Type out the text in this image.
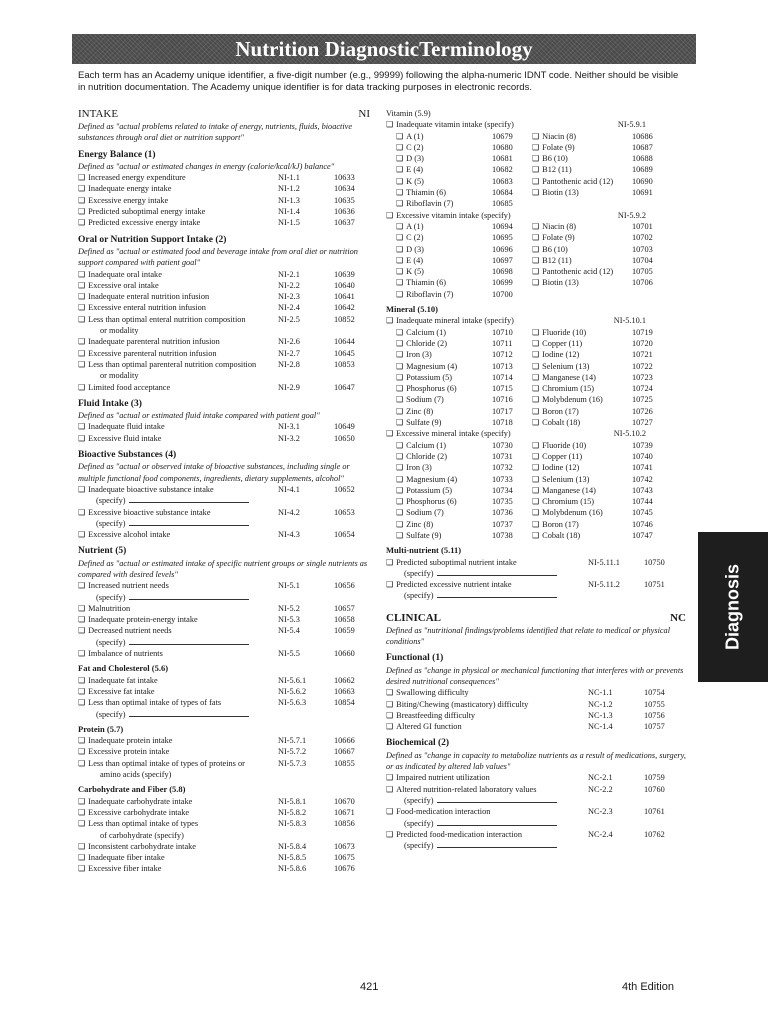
Nutrition DiagnosticTerminology
Each term has an Academy unique identifier, a five-digit number (e.g., 99999) following the alpha-numeric IDNT code. Neither should be visible in nutrition documentation. The Academy unique identifier is for data tracking purposes in electronic records.
INTAKE	NI
Defined as "actual problems related to intake of energy, nutrients, fluids, bioactive substances through oral diet or nutrition support"
Energy Balance (1)
Defined as "actual or estimated changes in energy (calorie/kcal/kJ) balance"
❑ Increased energy expenditure	NI-1.1	10633
❑ Inadequate energy intake	NI-1.2	10634
❑ Excessive energy intake	NI-1.3	10635
❑ Predicted suboptimal energy intake	NI-1.4	10636
❑ Predicted excessive energy intake	NI-1.5	10637
Oral or Nutrition Support Intake (2)
Defined as "actual or estimated food and beverage intake from oral diet or nutrition support compared with patient goal"
❑ Inadequate oral intake	NI-2.1	10639
❑ Excessive oral intake	NI-2.2	10640
❑ Inadequate enteral nutrition infusion	NI-2.3	10641
❑ Excessive enteral nutrition infusion	NI-2.4	10642
❑ Less than optimal enteral nutrition composition	NI-2.5	10852
or modality
❑ Inadequate parenteral nutrition infusion	NI-2.6	10644
❑ Excessive parenteral nutrition infusion	NI-2.7	10645
❑ Less than optimal parenteral nutrition composition	NI-2.8	10853
or modality
❑ Limited food acceptance	NI-2.9	10647
Fluid Intake (3)
Defined as "actual or estimated fluid intake compared with patient goal"
❑ Inadequate fluid intake	NI-3.1	10649
❑ Excessive fluid intake	NI-3.2	10650
Bioactive Substances (4)
Defined as "actual or observed intake of bioactive substances, including single or multiple functional food components, ingredients, dietary supplements, alcohol"
❑ Inadequate bioactive substance intake	NI-4.1	10652
(specify)
❑ Excessive bioactive substance intake	NI-4.2	10653
(specify)
❑ Excessive alcohol intake	NI-4.3	10654
Nutrient (5)
Defined as "actual or estimated intake of specific nutrient groups or single nutrients as compared with desired levels"
❑ Increased nutrient needs	NI-5.1	10656
(specify)
❑ Malnutrition	NI-5.2	10657
❑ Inadequate protein-energy intake	NI-5.3	10658
❑ Decreased nutrient needs	NI-5.4	10659
(specify)
❑ Imbalance of nutrients	NI-5.5	10660
Fat and Cholesterol (5.6)
❑ Inadequate fat intake	NI-5.6.1	10662
❑ Excessive fat intake	NI-5.6.2	10663
❑ Less than optimal intake of types of fats	NI-5.6.3	10854
(specify)
Protein (5.7)
❑ Inadequate protein intake	NI-5.7.1	10666
❑ Excessive protein intake	NI-5.7.2	10667
❑ Less than optimal intake of types of proteins or	NI-5.7.3	10855
amino acids (specify)
Carbohydrate and Fiber (5.8)
❑ Inadequate carbohydrate intake	NI-5.8.1	10670
❑ Excessive carbohydrate intake	NI-5.8.2	10671
❑ Less than optimal intake of types	NI-5.8.3	10856
of carbohydrate (specify)
❑ Inconsistent carbohydrate intake	NI-5.8.4	10673
❑ Inadequate fiber intake	NI-5.8.5	10675
❑ Excessive fiber intake	NI-5.8.6	10676
Vitamin (5.9)
❑ Inadequate vitamin intake (specify)	NI-5.9.1
❑ A (1)	10679	❑ Niacin (8)	10686
❑ C (2)	10680	❑ Folate (9)	10687
❑ D (3)	10681	❑ B6 (10)	10688
❑ E (4)	10682	❑ B12 (11)	10689
❑ K (5)	10683	❑ Pantothenic acid (12)	10690
❑ Thiamin (6)	10684	❑ Biotin (13)	10691
❑ Riboflavin (7)	10685
❑ Excessive vitamin intake (specify)	NI-5.9.2
❑ A (1)	10694	❑ Niacin (8)	10701
❑ C (2)	10695	❑ Folate (9)	10702
❑ D (3)	10696	❑ B6 (10)	10703
❑ E (4)	10697	❑ B12 (11)	10704
❑ K (5)	10698	❑ Pantothenic acid (12)	10705
❑ Thiamin (6)	10699	❑ Biotin (13)	10706
❑ Riboflavin (7)	10700
Mineral (5.10)
❑ Inadequate mineral intake (specify)	NI-5.10.1
❑ Calcium (1)	10710	❑ Fluoride (10)	10719
❑ Chloride (2)	10711	❑ Copper (11)	10720
❑ Iron (3)	10712	❑ Iodine (12)	10721
❑ Magnesium (4)	10713	❑ Selenium (13)	10722
❑ Potassium (5)	10714	❑ Manganese (14)	10723
❑ Phosphorus (6)	10715	❑ Chromium (15)	10724
❑ Sodium (7)	10716	❑ Molybdenum (16)	10725
❑ Zinc (8)	10717	❑ Boron (17)	10726
❑ Sulfate (9)	10718	❑ Cobalt (18)	10727
❑ Excessive mineral intake (specify)	NI-5.10.2
❑ Calcium (1)	10730	❑ Fluoride (10)	10739
❑ Chloride (2)	10731	❑ Copper (11)	10740
❑ Iron (3)	10732	❑ Iodine (12)	10741
❑ Magnesium (4)	10733	❑ Selenium (13)	10742
❑ Potassium (5)	10734	❑ Manganese (14)	10743
❑ Phosphorus (6)	10735	❑ Chromium (15)	10744
❑ Sodium (7)	10736	❑ Molybdenum (16)	10745
❑ Zinc (8)	10737	❑ Boron (17)	10746
❑ Sulfate (9)	10738	❑ Cobalt (18)	10747
Multi-nutrient (5.11)
❑ Predicted suboptimal nutrient intake	NI-5.11.1	10750
(specify)
❑ Predicted excessive nutrient intake	NI-5.11.2	10751
(specify)
CLINICAL	NC
Defined as "nutritional findings/problems identified that relate to medical or physical conditions"
Functional (1)
Defined as "change in physical or mechanical functioning that interferes with or prevents desired nutritional consequences"
❑ Swallowing difficulty	NC-1.1	10754
❑ Biting/Chewing (masticatory) difficulty	NC-1.2	10755
❑ Breastfeeding difficulty	NC-1.3	10756
❑ Altered GI function	NC-1.4	10757
Biochemical (2)
Defined as "change in capacity to metabolize nutrients as a result of medications, surgery, or as indicated by altered lab values"
❑ Impaired nutrient utilization	NC-2.1	10759
❑ Altered nutrition-related laboratory values	NC-2.2	10760
(specify)
❑ Food-medication interaction	NC-2.3	10761
(specify)
❑ Predicted food-medication interaction	NC-2.4	10762
(specify)
Diagnosis
421	4th Edition
